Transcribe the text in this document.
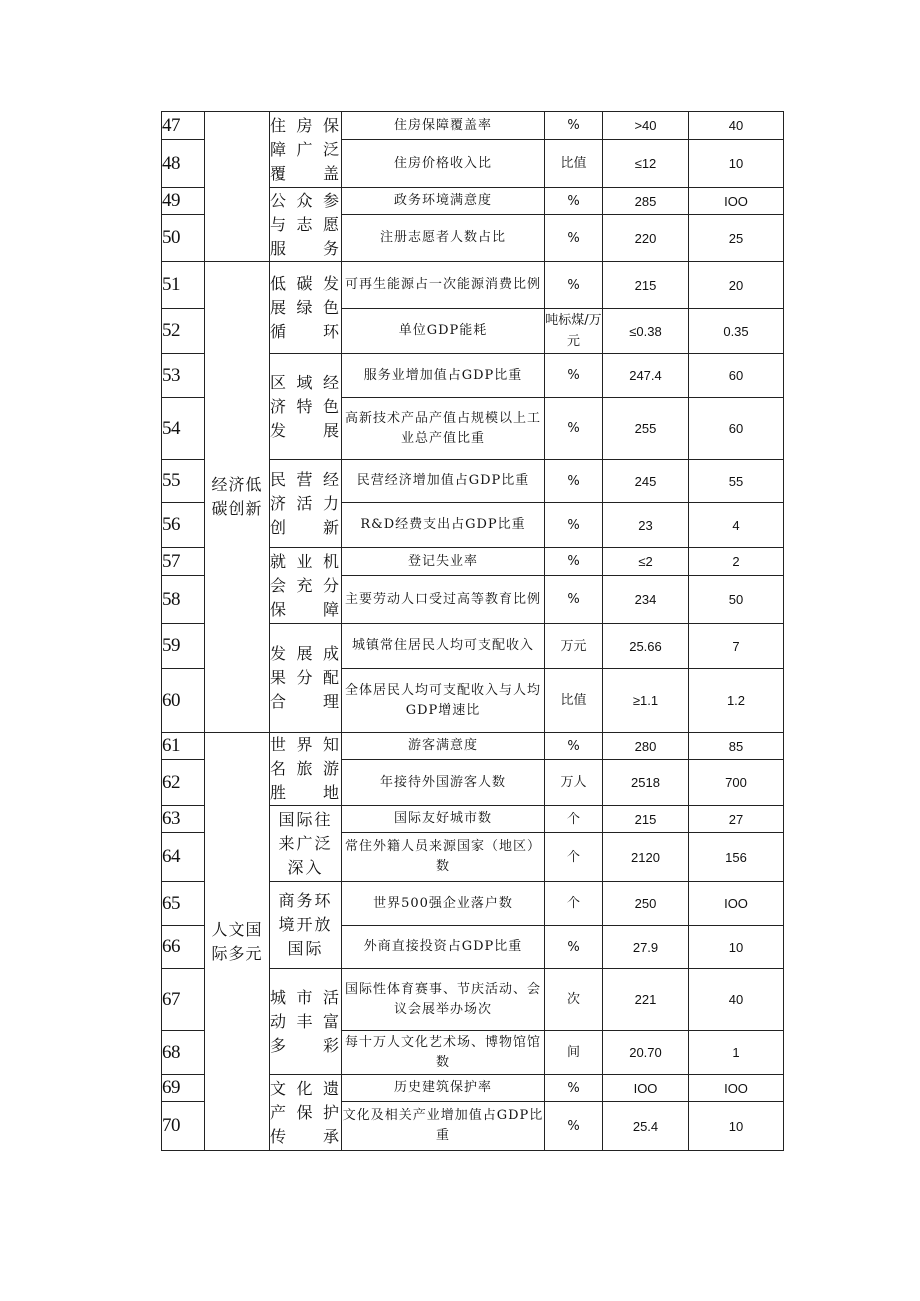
47		住房保障广泛覆盖	住房保障覆盖率	%	>40	40
48			住房价格收入比	比值	≤12	10
49		公众参与志愿服务	政务环境满意度	%	285	IOO
50			注册志愿者人数占比	%	220	25
51	经济低碳创新	低碳发展绿色循环	可再生能源占一次能源消费比例	%	215	20
52			单位GDP能耗	吨标煤/万元	≤0.38	0.35
53		区域经济特色发展	服务业增加值占GDP比重	%	247.4	60
54			高新技术产品产值占规模以上工业总产值比重	%	255	60
55		民营经济活力创新	民营经济增加值占GDP比重	%	245	55
56			R&D经费支出占GDP比重	%	23	4
57		就业机会充分保障	登记失业率	%	≤2	2
58			主要劳动人口受过高等教育比例	%	234	50
59		发展成果分配合理	城镇常住居民人均可支配收入	万元	25.66	7
60			全体居民人均可支配收入与人均GDP增速比	比值	≥1.1	1.2
61	人文国际多元	世界知名旅游胜地	游客满意度	%	280	85
62			年接待外国游客人数	万人	2518	700
63		国际往来广泛深入	国际友好城市数	个	215	27
64			常住外籍人员来源国家（地区）数	个	2120	156
65		商务环境开放国际	世界500强企业落户数	个	250	IOO
66			外商直接投资占GDP比重	%	27.9	10
67		城市活动丰富多彩	国际性体育赛事、节庆活动、会议会展举办场次	次	221	40
68			每十万人文化艺术场、博物馆馆数	间	20.70	1
69		文化遗产保护传承	历史建筑保护率	%	IOO	IOO
70			文化及相关产业增加值占GDP比重	%	25.4	10
